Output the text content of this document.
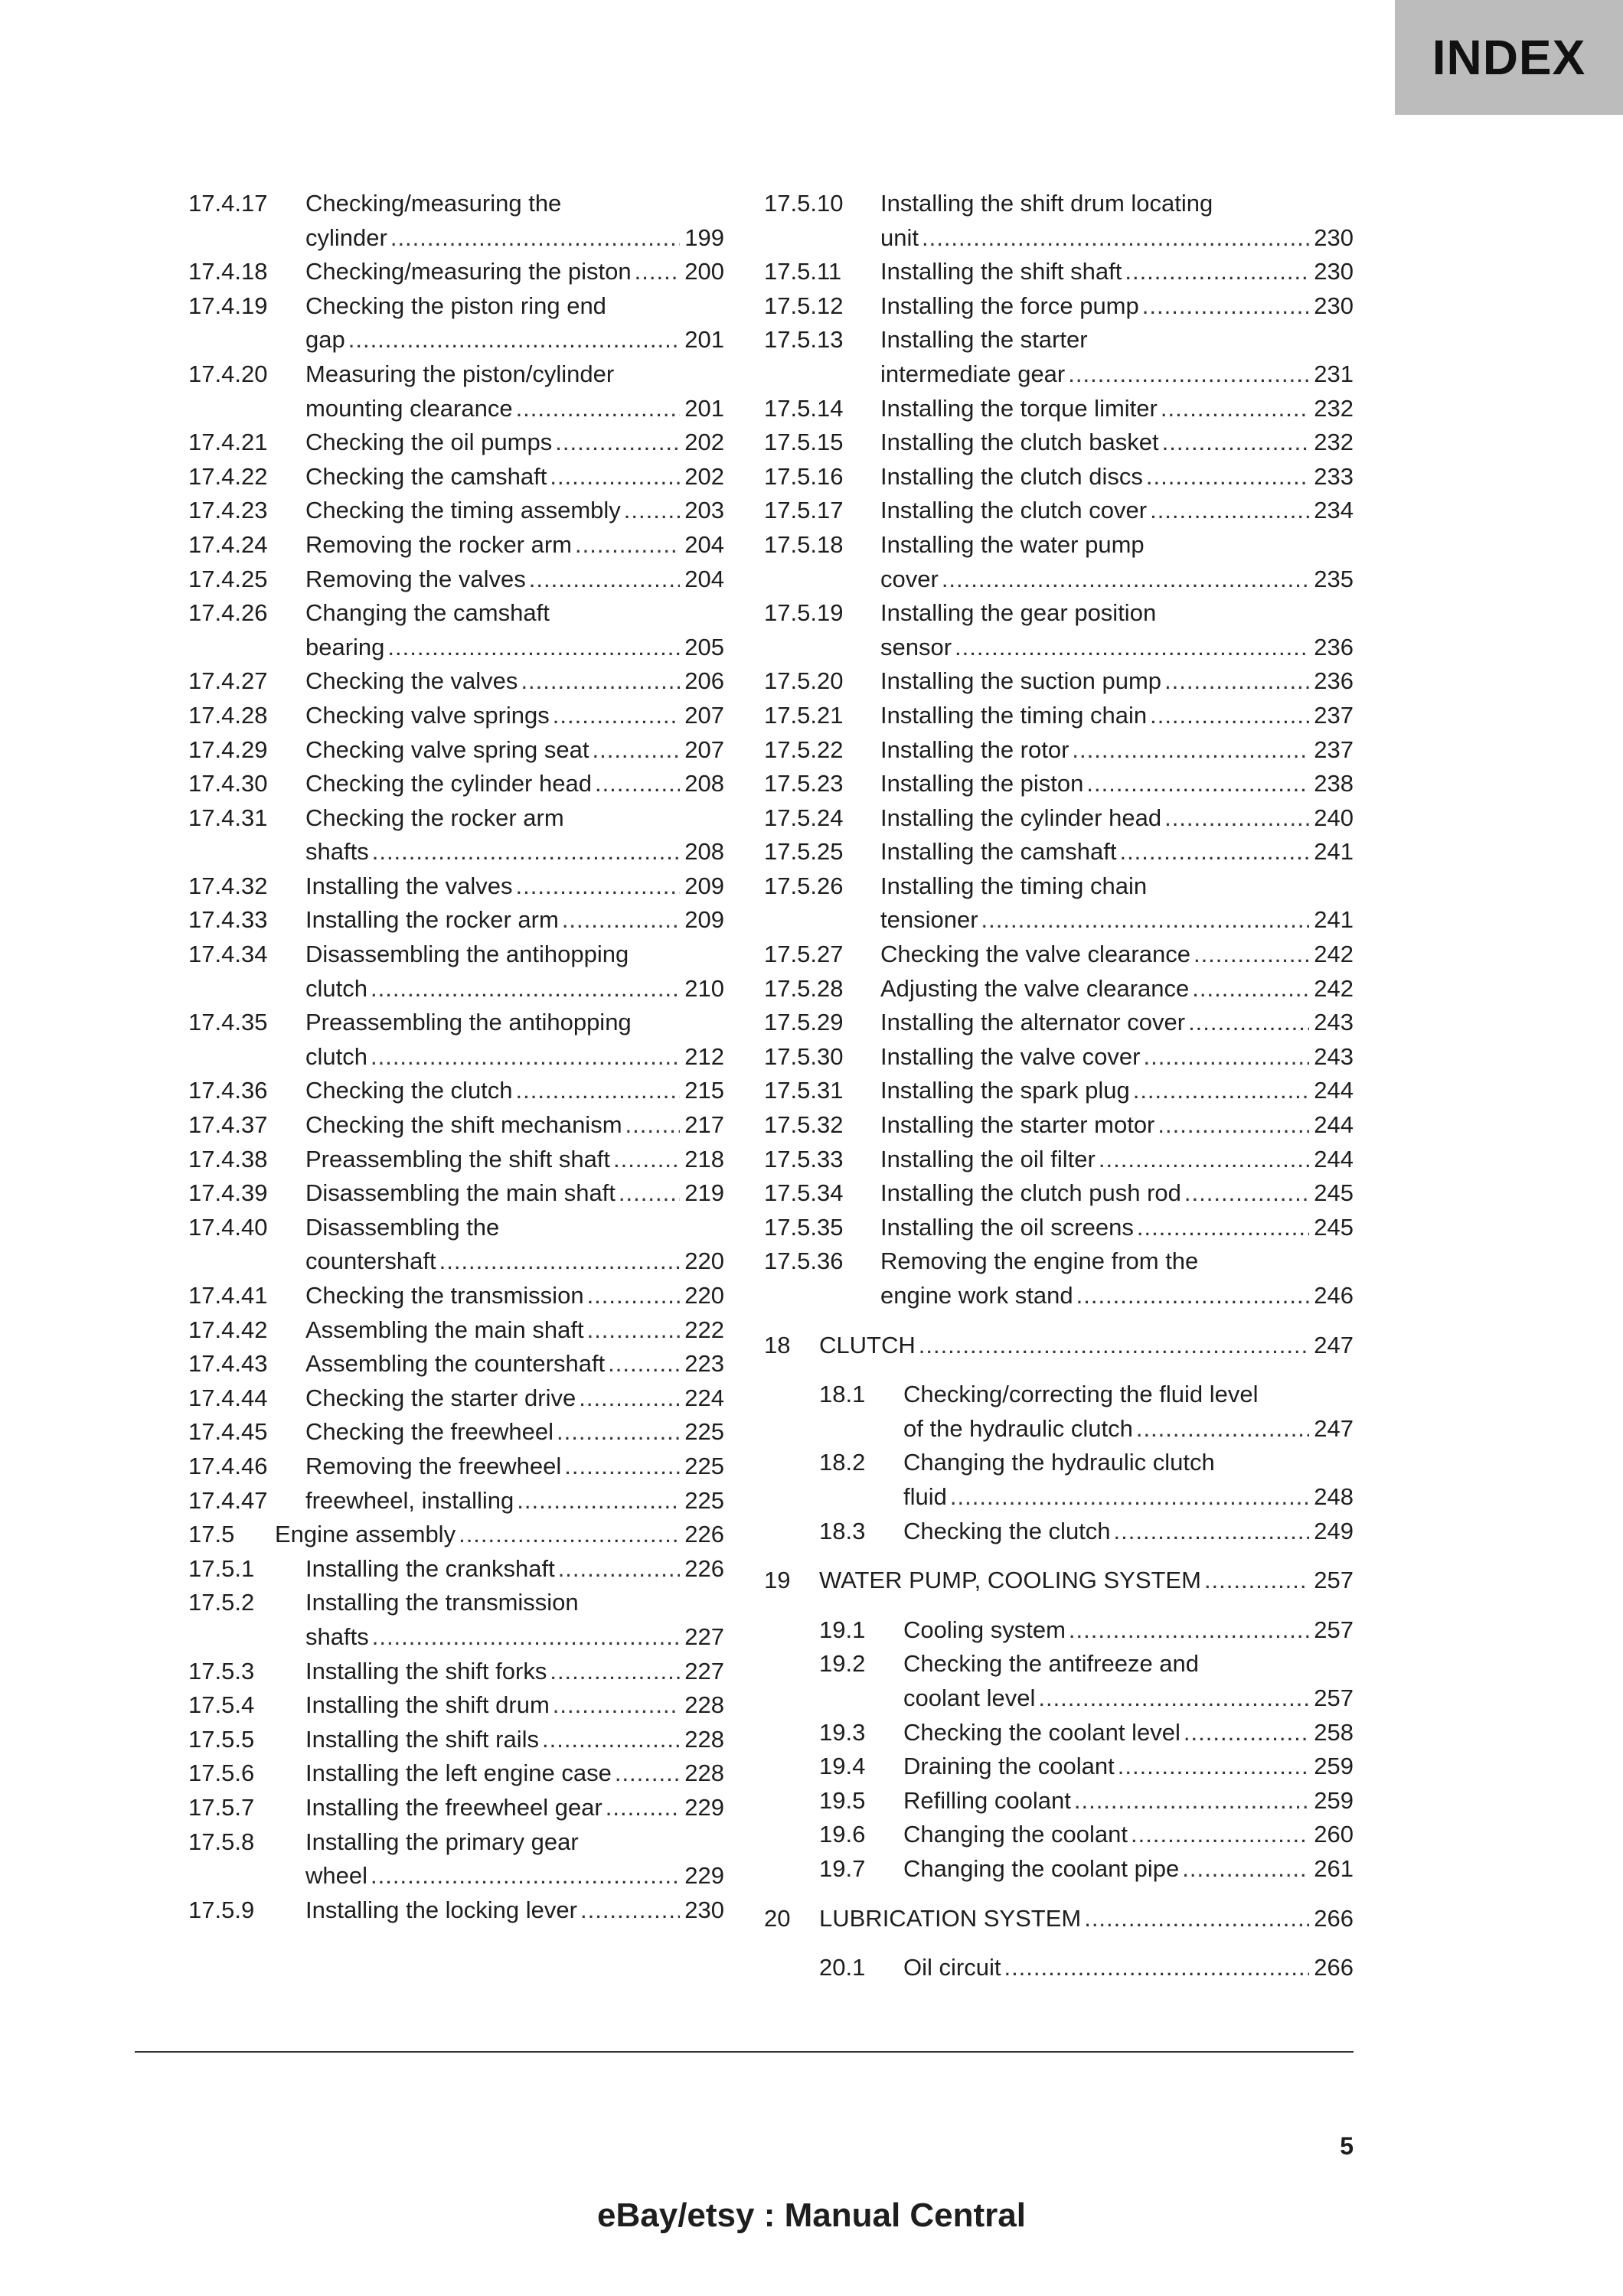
INDEX
17.4.17	Checking/measuring the
cylinder .....	199
17.4.18	Checking/measuring the piston ..... 200
17.4.19	Checking the piston ring end
gap .....	201
17.4.20	Measuring the piston/cylinder
mounting clearance .....	201
17.4.21	Checking the oil pumps .....	202
17.4.22	Checking the camshaft .....	202
17.4.23	Checking the timing assembly .....	203
17.4.24	Removing the rocker arm .....	204
17.4.25	Removing the valves .....	204
17.4.26	Changing the camshaft
bearing .....	205
17.4.27	Checking the valves .....	206
17.4.28	Checking valve springs .....	207
17.4.29	Checking valve spring seat .....	207
17.4.30	Checking the cylinder head .....	208
17.4.31	Checking the rocker arm
shafts .....	208
17.4.32	Installing the valves .....	209
17.4.33	Installing the rocker arm .....	209
17.4.34	Disassembling the antihopping
clutch .....	210
17.4.35	Preassembling the antihopping
clutch .....	212
17.4.36	Checking the clutch .....	215
17.4.37	Checking the shift mechanism .....	217
17.4.38	Preassembling the shift shaft .....	218
17.4.39	Disassembling the main shaft .....	219
17.4.40	Disassembling the
countershaft .....	220
17.4.41	Checking the transmission .....	220
17.4.42	Assembling the main shaft .....	222
17.4.43	Assembling the countershaft .....	223
17.4.44	Checking the starter drive .....	224
17.4.45	Checking the freewheel .....	225
17.4.46	Removing the freewheel .....	225
17.4.47	freewheel, installing .....	225
17.5	Engine assembly .....	226
17.5.1	Installing the crankshaft .....	226
17.5.2	Installing the transmission
shafts .....	227
17.5.3	Installing the shift forks .....	227
17.5.4	Installing the shift drum .....	228
17.5.5	Installing the shift rails .....	228
17.5.6	Installing the left engine case .....	228
17.5.7	Installing the freewheel gear .....	229
17.5.8	Installing the primary gear
wheel .....	229
17.5.9	Installing the locking lever .....	230
17.5.10	Installing the shift drum locating
unit .....	230
17.5.11	Installing the shift shaft .....	230
17.5.12	Installing the force pump .....	230
17.5.13	Installing the starter
intermediate gear .....	231
17.5.14	Installing the torque limiter .....	232
17.5.15	Installing the clutch basket .....	232
17.5.16	Installing the clutch discs .....	233
17.5.17	Installing the clutch cover .....	234
17.5.18	Installing the water pump
cover .....	235
17.5.19	Installing the gear position
sensor .....	236
17.5.20	Installing the suction pump .....	236
17.5.21	Installing the timing chain .....	237
17.5.22	Installing the rotor .....	237
17.5.23	Installing the piston .....	238
17.5.24	Installing the cylinder head .....	240
17.5.25	Installing the camshaft .....	241
17.5.26	Installing the timing chain
tensioner .....	241
17.5.27	Checking the valve clearance .....	242
17.5.28	Adjusting the valve clearance .....	242
17.5.29	Installing the alternator cover .....	243
17.5.30	Installing the valve cover .....	243
17.5.31	Installing the spark plug .....	244
17.5.32	Installing the starter motor .....	244
17.5.33	Installing the oil filter .....	244
17.5.34	Installing the clutch push rod .....	245
17.5.35	Installing the oil screens .....	245
17.5.36	Removing the engine from the
engine work stand .....	246
18	CLUTCH .....	247
18.1	Checking/correcting the fluid level
of the hydraulic clutch .....	247
18.2	Changing the hydraulic clutch
fluid .....	248
18.3	Checking the clutch .....	249
19	WATER PUMP, COOLING SYSTEM .....	257
19.1	Cooling system .....	257
19.2	Checking the antifreeze and
coolant level .....	257
19.3	Checking the coolant level .....	258
19.4	Draining the coolant .....	259
19.5	Refilling coolant .....	259
19.6	Changing the coolant .....	260
19.7	Changing the coolant pipe .....	261
20	LUBRICATION SYSTEM .....	266
20.1	Oil circuit .....	266
5
eBay/etsy : Manual Central
